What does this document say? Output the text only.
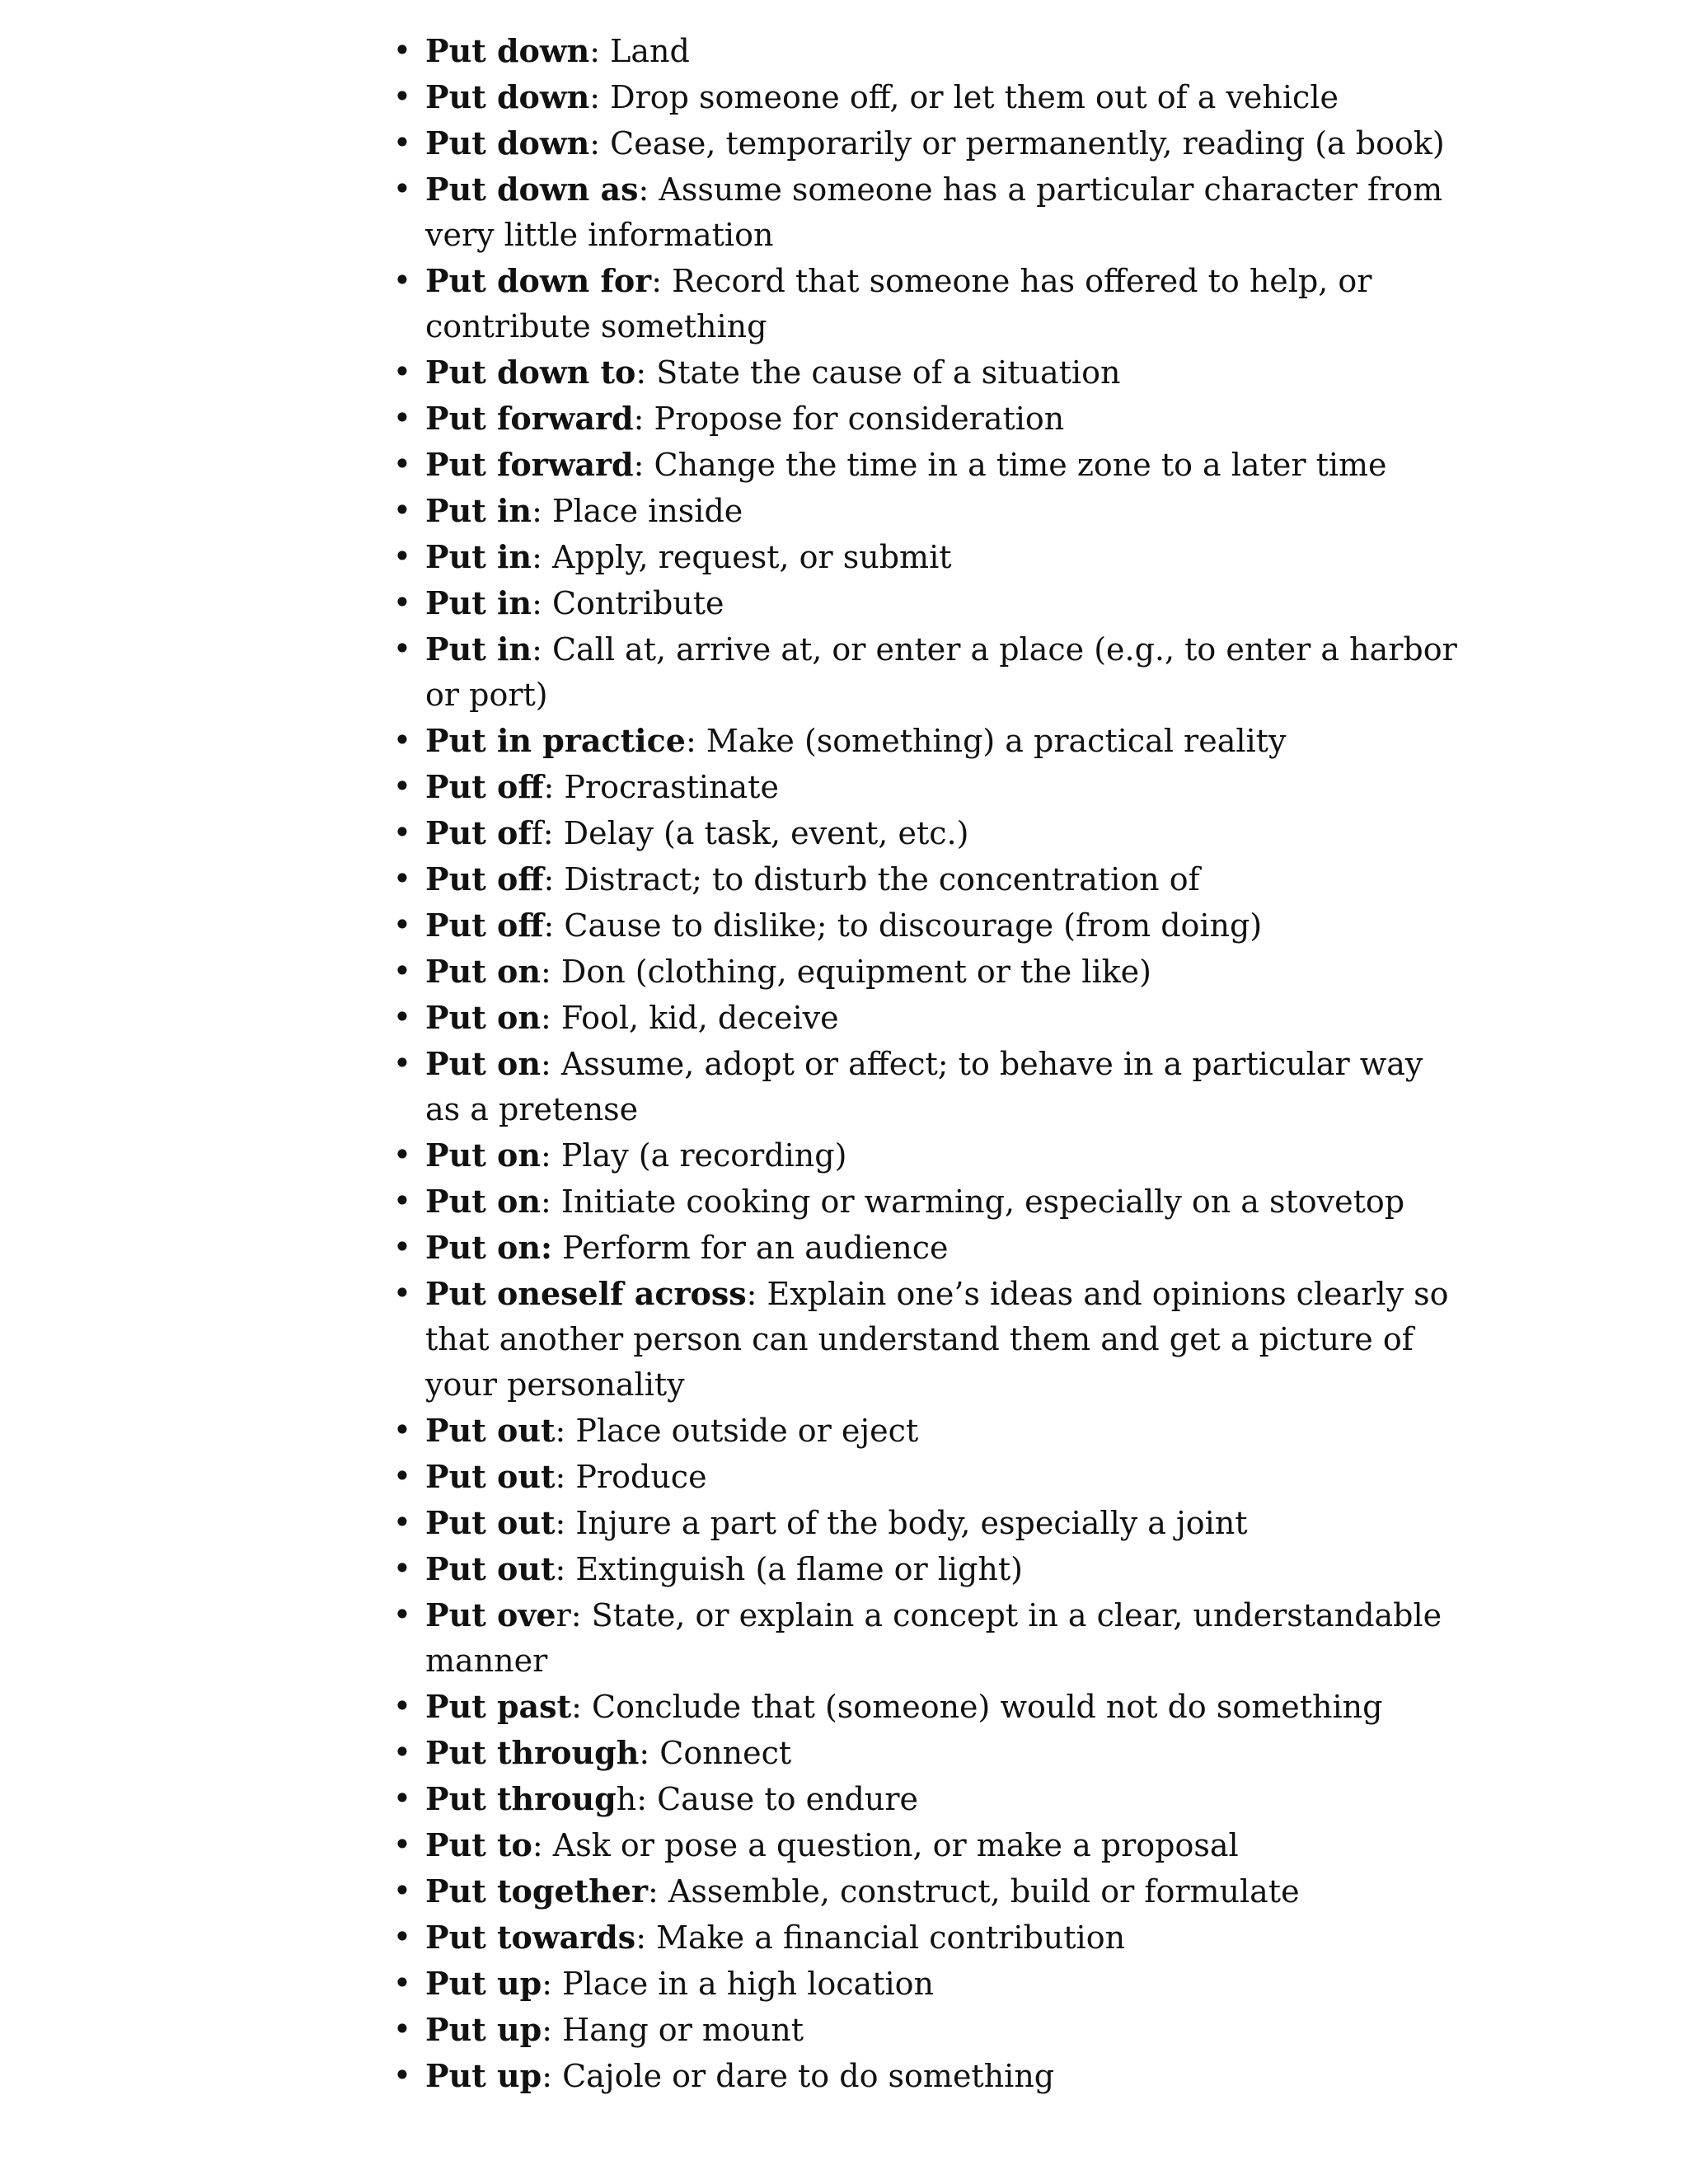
• Put down: Land
• Put down: Drop someone off, or let them out of a vehicle
• Put down: Cease, temporarily or permanently, reading (a book)
• Put down as: Assume someone has a particular character from very little information
• Put down for: Record that someone has offered to help, or contribute something
• Put down to: State the cause of a situation
• Put forward: Propose for consideration
• Put forward: Change the time in a time zone to a later time
• Put in: Place inside
• Put in: Apply, request, or submit
• Put in: Contribute
• Put in: Call at, arrive at, or enter a place (e.g., to enter a harbor or port)
• Put in practice: Make (something) a practical reality
• Put off: Procrastinate
• Put off: Delay (a task, event, etc.)
• Put off: Distract; to disturb the concentration of
• Put off: Cause to dislike; to discourage (from doing)
• Put on: Don (clothing, equipment or the like)
• Put on: Fool, kid, deceive
• Put on: Assume, adopt or affect; to behave in a particular way as a pretense
• Put on: Play (a recording)
• Put on: Initiate cooking or warming, especially on a stovetop
• Put on: Perform for an audience
• Put oneself across: Explain one’s ideas and opinions clearly so that another person can understand them and get a picture of your personality
• Put out: Place outside or eject
• Put out: Produce
• Put out: Injure a part of the body, especially a joint
• Put out: Extinguish (a flame or light)
• Put over: State, or explain a concept in a clear, understandable manner
• Put past: Conclude that (someone) would not do something
• Put through: Connect
• Put through: Cause to endure
• Put to: Ask or pose a question, or make a proposal
• Put together: Assemble, construct, build or formulate
• Put towards: Make a financial contribution
• Put up: Place in a high location
• Put up: Hang or mount
• Put up: Cajole or dare to do something
